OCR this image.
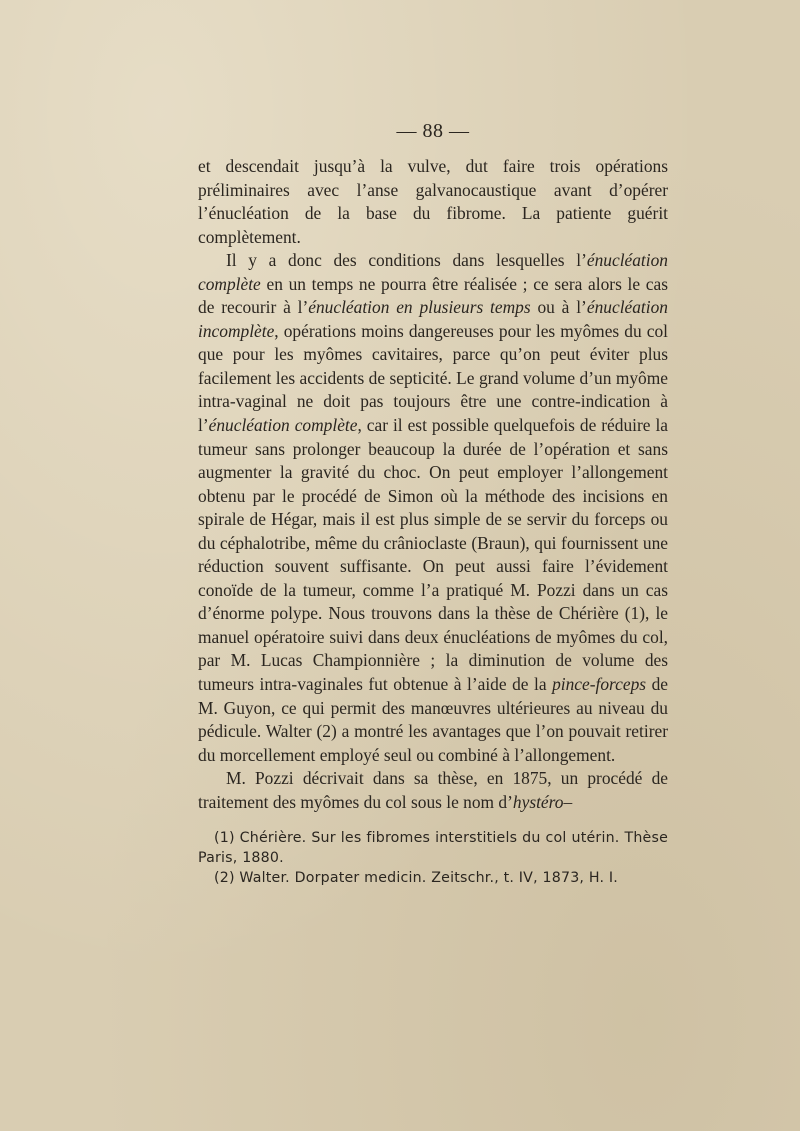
— 88 —

et descendait jusqu’à la vulve, dut faire trois opérations préliminaires avec l’anse galvanocaustique avant d’opérer l’énucléation de la base du fibrome. La patiente guérit complètement.

Il y a donc des conditions dans lesquelles l’énucléation complète en un temps ne pourra être réalisée ; ce sera alors le cas de recourir à l’énucléation en plusieurs temps ou à l’énucléation incomplète, opérations moins dangereuses pour les myômes du col que pour les myômes cavitaires, parce qu’on peut éviter plus facilement les accidents de septicité. Le grand volume d’un myôme intra-vaginal ne doit pas toujours être une contre-indication à l’énucléation complète, car il est possible quelquefois de réduire la tumeur sans prolonger beaucoup la durée de l’opération et sans augmenter la gravité du choc. On peut employer l’allongement obtenu par le procédé de Simon où la méthode des incisions en spirale de Hégar, mais il est plus simple de se servir du forceps ou du céphalotribe, même du crânioclaste (Braun), qui fournissent une réduction souvent suffisante. On peut aussi faire l’évidement conoïde de la tumeur, comme l’a pratiqué M. Pozzi dans un cas d’énorme polype. Nous trouvons dans la thèse de Chérière (1), le manuel opératoire suivi dans deux énucléations de myômes du col, par M. Lucas Championnière ; la diminution de volume des tumeurs intra-vaginales fut obtenue à l’aide de la pince-forceps de M. Guyon, ce qui permit des manœuvres ultérieures au niveau du pédicule. Walter (2) a montré les avantages que l’on pouvait retirer du morcellement employé seul ou combiné à l’allongement.

M. Pozzi décrivait dans sa thèse, en 1875, un procédé de traitement des myômes du col sous le nom d’hystéro–

(1) Chérière. Sur les fibromes interstitiels du col utérin. Thèse Paris, 1880.

(2) Walter. Dorpater medicin. Zeitschr., t. IV, 1873, H. I.
